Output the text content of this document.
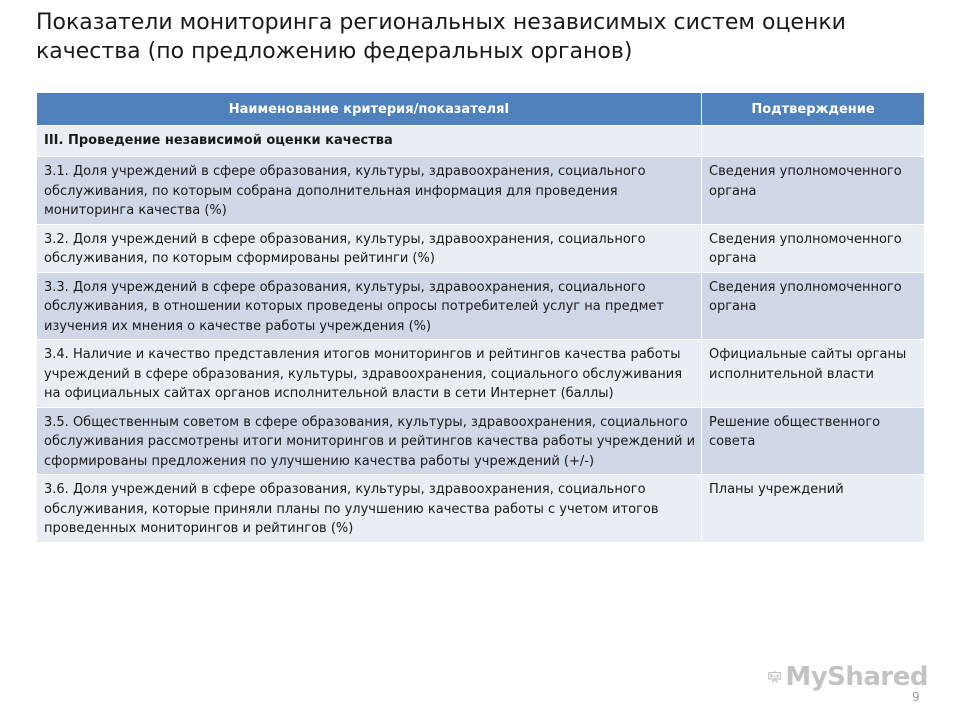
Показатели мониторинга региональных независимых систем оценки качества (по предложению федеральных органов)
Наименование критерия/показателяI	Подтверждение
III. Проведение независимой оценки качества	
3.1. Доля учреждений в сфере образования, культуры, здравоохранения, социального обслуживания, по которым собрана дополнительная информация для проведения мониторинга качества (%)	Сведения уполномоченного органа
3.2. Доля учреждений в сфере образования, культуры, здравоохранения, социального обслуживания, по которым сформированы рейтинги (%)	Сведения уполномоченного органа
3.3. Доля учреждений в сфере образования, культуры, здравоохранения, социального обслуживания, в отношении которых проведены опросы потребителей услуг на предмет изучения их мнения о качестве работы учреждения (%)	Сведения уполномоченного органа
3.4. Наличие и качество представления итогов мониторингов и рейтингов качества работы учреждений в сфере образования, культуры, здравоохранения, социального обслуживания на официальных сайтах органов исполнительной власти в сети Интернет (баллы)	Официальные сайты органы исполнительной власти
3.5. Общественным советом в сфере образования, культуры, здравоохранения, социального обслуживания рассмотрены итоги мониторингов и рейтингов качества работы учреждений и сформированы предложения по улучшению качества работы учреждений (+/-)	Решение общественного совета
3.6. Доля учреждений в сфере образования, культуры, здравоохранения, социального обслуживания, которые приняли планы по улучшению качества работы с учетом итогов проведенных мониторингов и рейтингов (%)	Планы учреждений
MyShared
9
